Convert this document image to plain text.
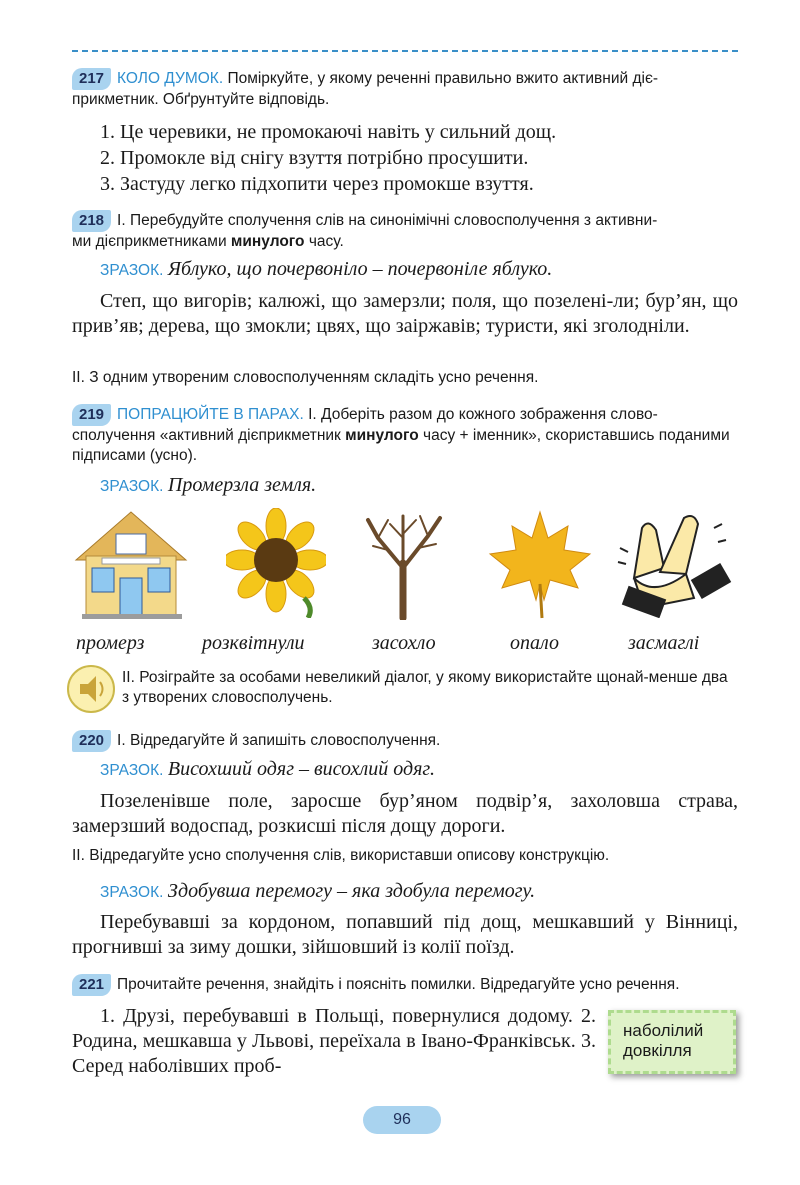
217 КОЛО ДУМОК. Поміркуйте, у якому реченні правильно вжито активний діє-
прикметник. Обґрунтуйте відповідь.
1. Це черевики, не промокаючі навіть у сильний дощ.
2. Промокле від снігу взуття потрібно просушити.
3. Застуду легко підхопити через промокше взуття.
218 І. Перебудуйте сполучення слів на синонімічні словосполучення з активни-
ми дієприкметниками минулого часу.
ЗРАЗОК. Яблуко, що почервоніло – почервоніле яблуко.
Степ, що вигорів; калюжі, що замерзли; поля, що позелені-ли; бур’ян, що прив’яв; дерева, що змокли; цвях, що заіржавів; туристи, які зголодніли.
ІІ. З одним утвореним словосполученням складіть усно речення.
219 ПОПРАЦЮЙТЕ В ПАРАХ. І. Доберіть разом до кожного зображення слово-сполучення «активний дієприкметник минулого часу + іменник», скориставшись поданими підписами (усно).
ЗРАЗОК. Промерзла земля.
промерз	розквітнули	засохло	опало	засмаглі
ІІ. Розіграйте за особами невеликий діалог, у якому використайте щонай-менше два з утворених словосполучень.
220 І. Відредагуйте й запишіть словосполучення.
ЗРАЗОК. Висохший одяг – висохлий одяг.
Позеленівше поле, заросше бур’яном подвір’я, захоловша страва, замерзший водоспад, розкисші після дощу дороги.
ІІ. Відредагуйте усно сполучення слів, використавши описову конструкцію.
ЗРАЗОК. Здобувша перемогу – яка здобула перемогу.
Перебувавші за кордоном, попавший під дощ, мешкавший у Вінниці, прогнивші за зиму дошки, зійшовший із колії поїзд.
221 Прочитайте речення, знайдіть і поясніть помилки. Відредагуйте усно речення.
1. Друзі, перебувавші в Польщі, повернулися додому. 2. Родина, мешкавша у Львові, переїхала в Івано-Франківськ. 3. Серед наболівших проб-
наболілий
довкілля
96
